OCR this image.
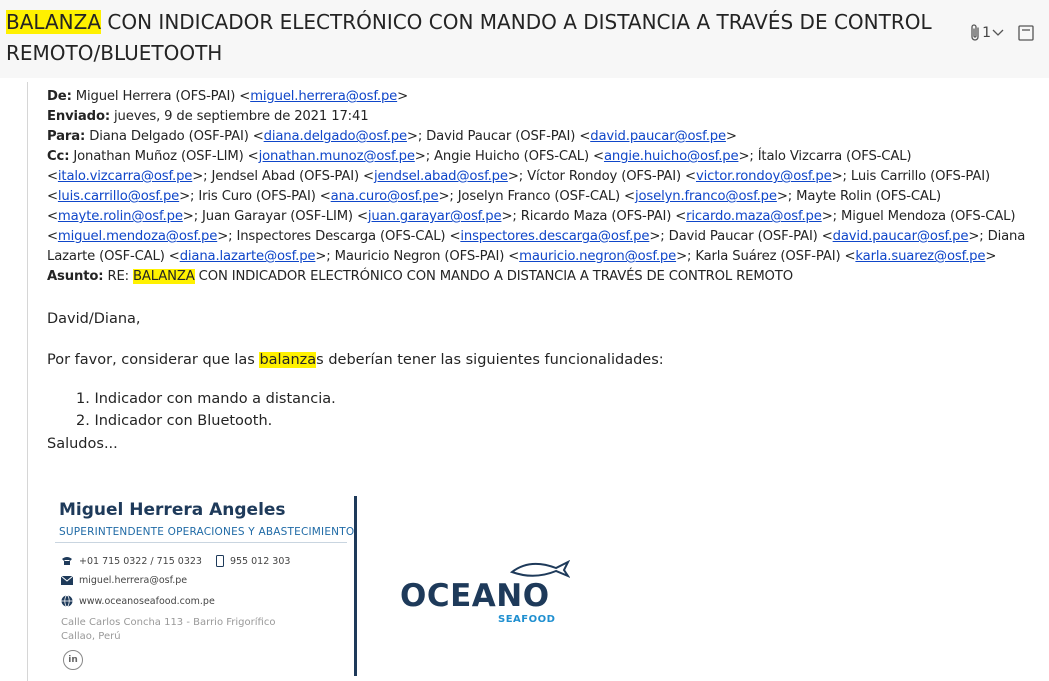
BALANZA CON INDICADOR ELECTRÓNICO CON MANDO A DISTANCIA A TRAVÉS DE CONTROL REMOTO/BLUETOOTH
1
De: Miguel Herrera (OFS-PAI) <miguel.herrera@osf.pe>
Enviado: jueves, 9 de septiembre de 2021 17:41
Para: Diana Delgado (OSF-PAI) <diana.delgado@osf.pe>; David Paucar (OSF-PAI) <david.paucar@osf.pe>
Cc: Jonathan Muñoz (OSF-LIM) <jonathan.munoz@osf.pe>; Angie Huicho (OFS-CAL) <angie.huicho@osf.pe>; Ítalo Vizcarra (OFS-CAL) <italo.vizcarra@osf.pe>; Jendsel Abad (OFS-PAI) <jendsel.abad@osf.pe>; Víctor Rondoy (OFS-PAI) <victor.rondoy@osf.pe>; Luis Carrillo (OFS-PAI) <luis.carrillo@osf.pe>; Iris Curo (OFS-PAI) <ana.curo@osf.pe>; Joselyn Franco (OSF-CAL) <joselyn.franco@osf.pe>; Mayte Rolin (OFS-CAL) <mayte.rolin@osf.pe>; Juan Garayar (OSF-LIM) <juan.garayar@osf.pe>; Ricardo Maza (OFS-PAI) <ricardo.maza@osf.pe>; Miguel Mendoza (OFS-CAL) <miguel.mendoza@osf.pe>; Inspectores Descarga (OFS-CAL) <inspectores.descarga@osf.pe>; David Paucar (OSF-PAI) <david.paucar@osf.pe>; Diana Lazarte (OSF-CAL) <diana.lazarte@osf.pe>; Mauricio Negron (OFS-PAI) <mauricio.negron@osf.pe>; Karla Suárez (OSF-PAI) <karla.suarez@osf.pe>
Asunto: RE: BALANZA CON INDICADOR ELECTRÓNICO CON MANDO A DISTANCIA A TRAVÉS DE CONTROL REMOTO
David/Diana,
Por favor, considerar que las balanzas deberían tener las siguientes funcionalidades:
1. Indicador con mando a distancia.
2. Indicador con Bluetooth.
Saludos...
Miguel Herrera Angeles
SUPERINTENDENTE OPERACIONES Y ABASTECIMIENTO
+01 715 0322 / 715 0323	955 012 303
miguel.herrera@osf.pe
www.oceanoseafood.com.pe
Calle Carlos Concha 113 - Barrio Frigorífico Callao, Perú
in
OCEANO
SEAFOOD
